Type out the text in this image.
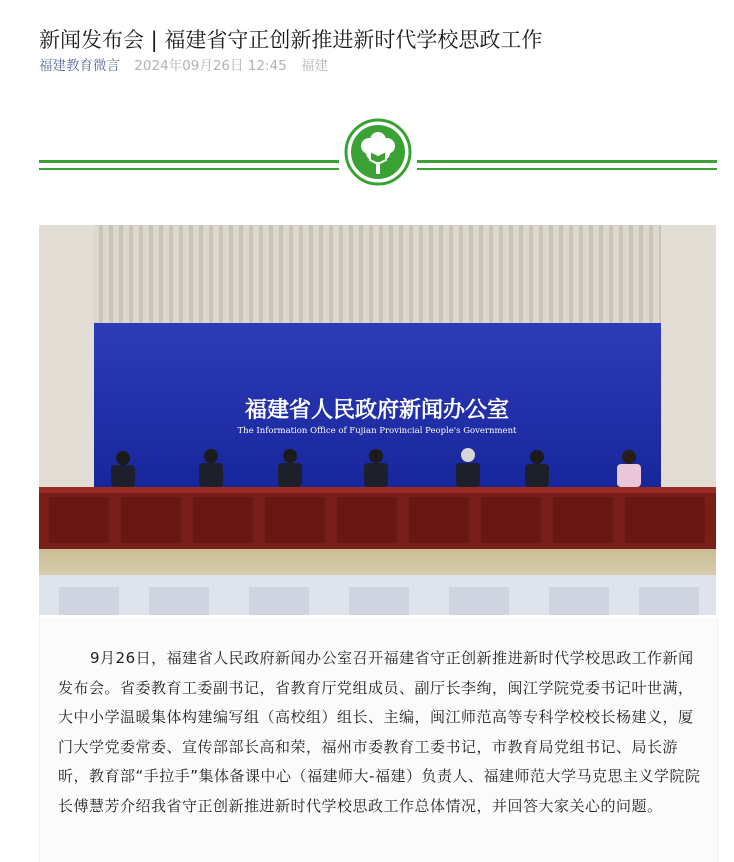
新闻发布会 | 福建省守正创新推进新时代学校思政工作
福建教育微言 2024年09月26日 12:45 福建
福建省人民政府新闻办公室
The Information Office of Fujian Provincial People's Government

9月26日，福建省人民政府新闻办公室召开福建省守正创新推进新时代学校思政工作新闻发布会。省委教育工委副书记，省教育厅党组成员、副厅长李绚，闽江学院党委书记叶世满，大中小学温暖集体构建编写组（高校组）组长、主编，闽江师范高等专科学校校长杨建义，厦门大学党委常委、宣传部部长高和荣，福州市委教育工委书记，市教育局党组书记、局长游昕，教育部“手拉手”集体备课中心（福建师大-福建）负责人、福建师范大学马克思主义学院院长傅慧芳介绍我省守正创新推进新时代学校思政工作总体情况，并回答大家关心的问题。
